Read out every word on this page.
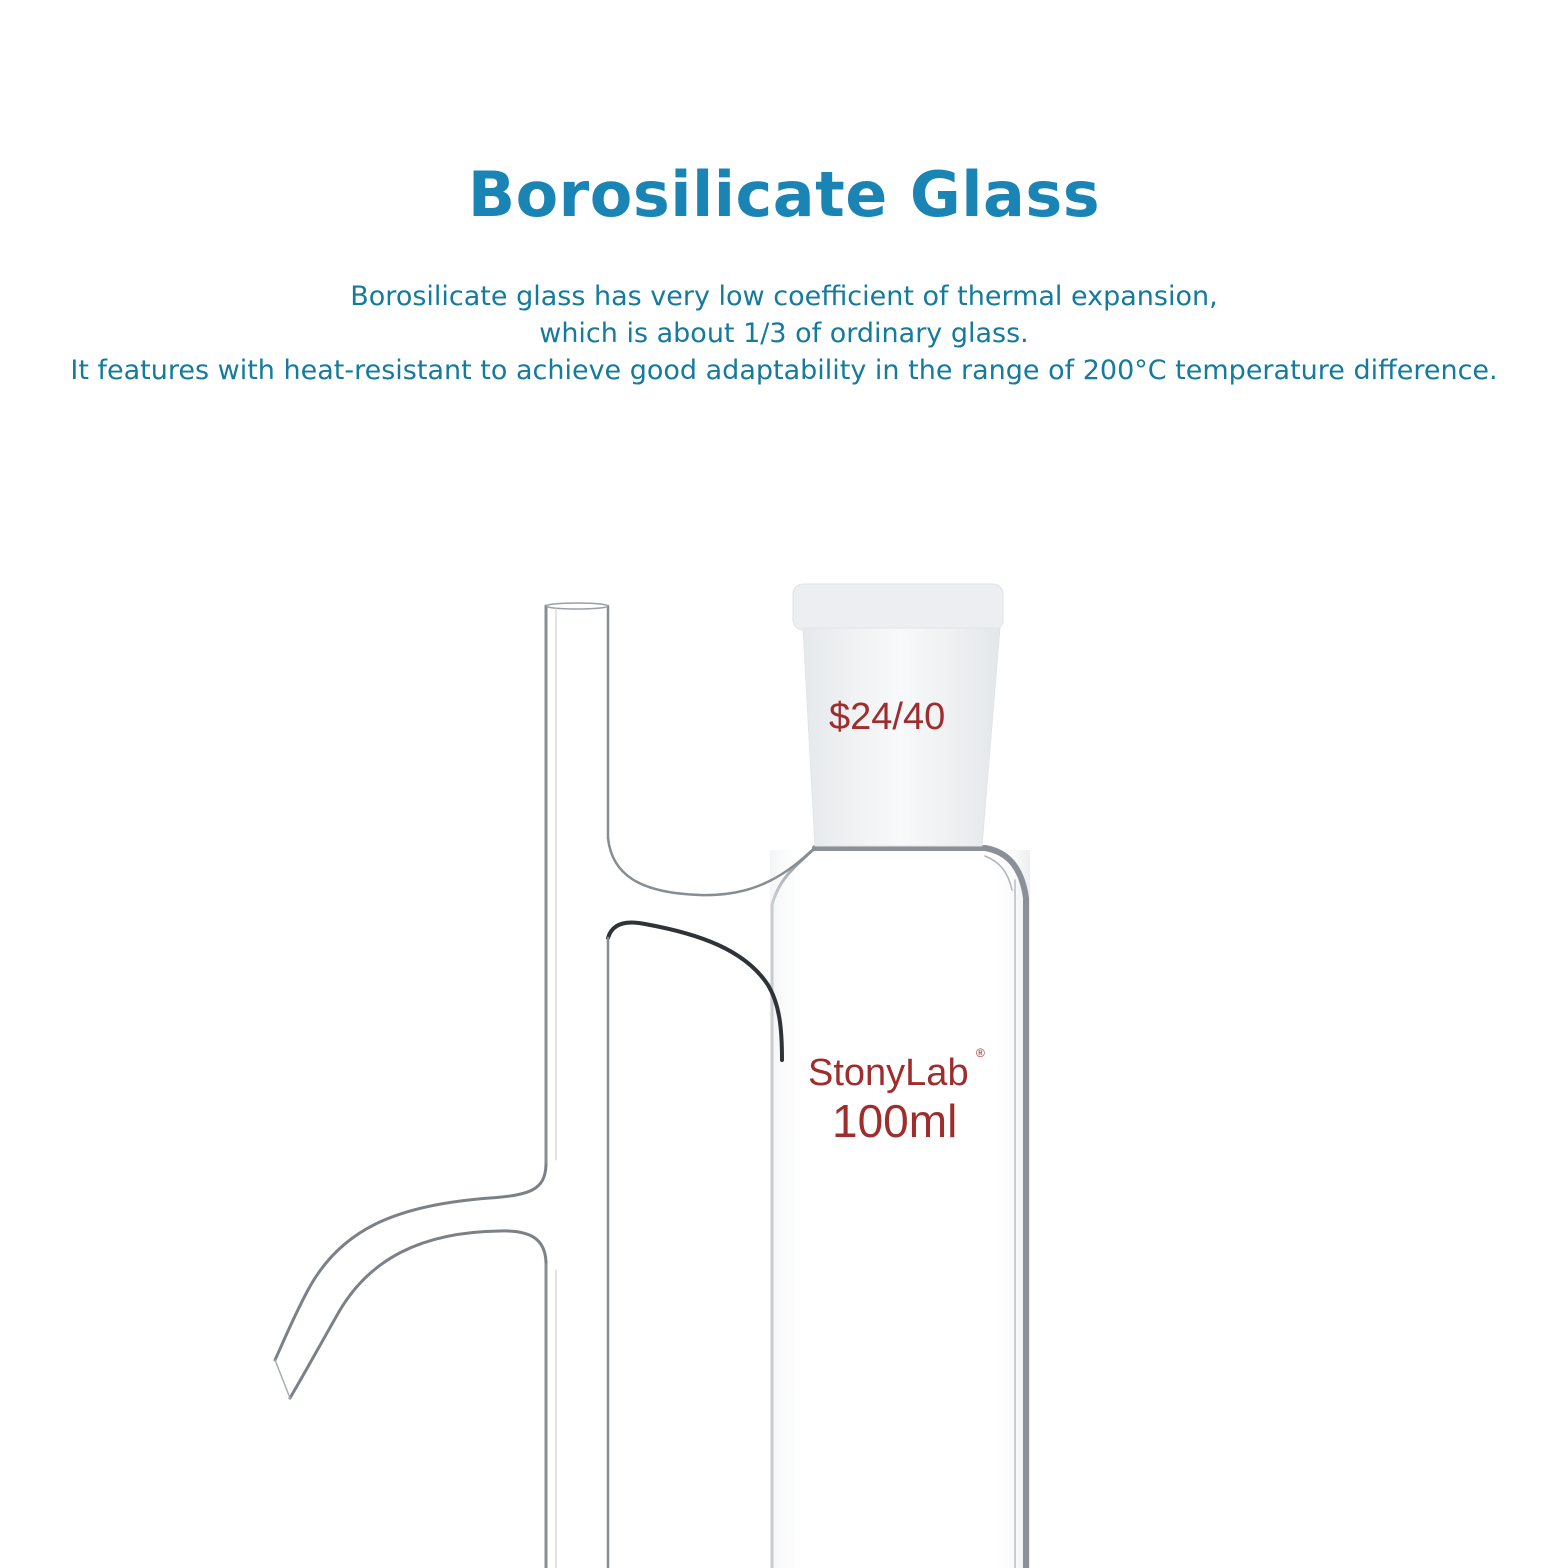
Borosilicate Glass
Borosilicate glass has very low coefficient of thermal expansion,
which is about 1/3 of ordinary glass.
It features with heat-resistant to achieve good adaptability in the range of 200°C temperature difference.
$24/40
StonyLab ®
100ml
